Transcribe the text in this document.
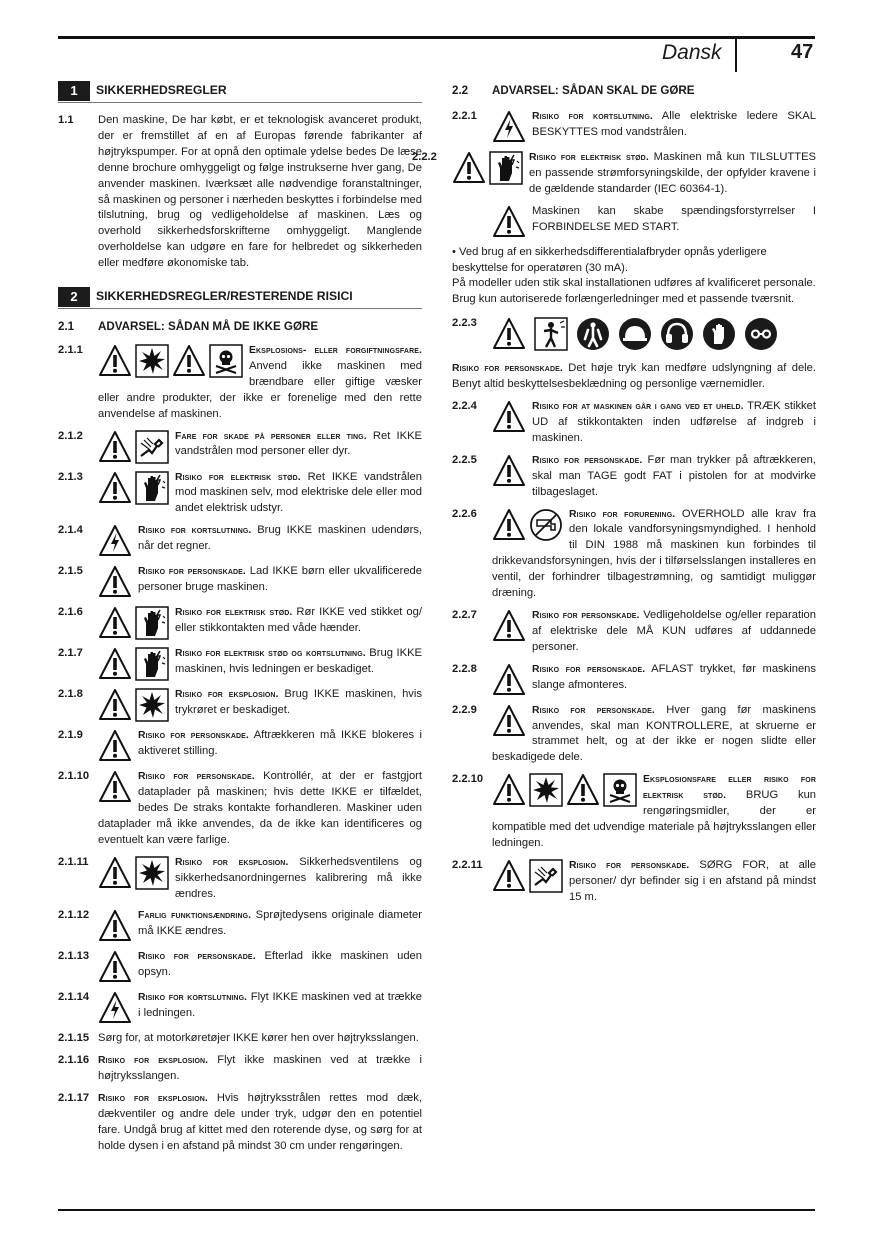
Dansk	47
1	SIKKERHEDSREGLER
1.1	Den maskine, De har købt, er et teknologisk avanceret produkt, der er fremstillet af en af Europas førende fabrikanter af højtrykspumper. For at opnå den optimale ydelse bedes De læse denne brochure omhyggeligt og følge instrukserne hver gang, De anvender maskinen. Iværksæt alle nødvendige foranstaltninger, så maskinen og personer i nærheden beskyttes i forbindelse med tilslutning, brug og vedligeholdelse af maskinen. Læs og overhold sikkerhedsforskrifterne omhyggeligt. Manglende overholdelse kan udgøre en fare for helbredet og sikkerheden eller medføre økonomiske tab.
2	SIKKERHEDSREGLER/RESTERENDE RISICI
2.1	ADVARSEL: SÅDAN MÅ DE IKKE GØRE
2.1.1	Eksplosions- eller forgiftningsfare. Anvend ikke maskinen med brændbare eller giftige væsker eller andre produkter, der ikke er forenelige med den rette anvendelse af maskinen.
2.1.2	Fare for skade på personer eller ting. Ret IKKE vandstrålen mod personer eller dyr.
2.1.3	Risiko for elektrisk stød. Ret IKKE vandstrålen mod maskinen selv, mod elektriske dele eller mod andet elektrisk udstyr.
2.1.4	Risiko for kortslutning. Brug IKKE maskinen udendørs, når det regner.
2.1.5	Risiko for personskade. Lad IKKE børn eller ukvalificerede personer bruge maskinen.
2.1.6	Risiko for elektrisk stød. Rør IKKE ved stikket og/ eller stikkontakten med våde hænder.
2.1.7	Risiko for elektrisk stød og kortslutning. Brug IKKE maskinen, hvis ledningen er beskadiget.
2.1.8	Risiko for eksplosion. Brug IKKE maskinen, hvis trykrøret er beskadiget.
2.1.9	Risiko for personskade. Aftrækkeren må IKKE blokeres i aktiveret stilling.
2.1.10	Risiko for personskade. Kontrollér, at der er fastgjort dataplader på maskinen; hvis dette IKKE er tilfældet, bedes De straks kontakte forhandleren. Maskiner uden dataplader må ikke anvendes, da de ikke kan identificeres og eventuelt kan være farlige.
2.1.11	Risiko for eksplosion. Sikkerhedsventilens og sikkerhedsanordningernes kalibrering må ikke ændres.
2.1.12	Farlig funktionsændring. Sprøjtedysens originale diameter må IKKE ændres.
2.1.13	Risiko for personskade. Efterlad ikke maskinen uden opsyn.
2.1.14	Risiko for kortslutning. Flyt IKKE maskinen ved at trække i ledningen.
2.1.15 Sørg for, at motorkøretøjer IKKE kører hen over højtryksslangen.
2.1.16 Risiko for eksplosion. Flyt ikke maskinen ved at trække i højtryksslangen.
2.1.17 Risiko for eksplosion. Hvis højtryksstrålen rettes mod dæk, dækventiler og andre dele under tryk, udgør den en potentiel fare. Undgå brug af kittet med den roterende dyse, og sørg for at holde dysen i en afstand på mindst 30 cm under rengøringen.
2.2	ADVARSEL: SÅDAN SKAL DE GØRE
2.2.1	Risiko for kortslutning. Alle elektriske ledere SKAL BESKYTTES mod vandstrålen.
2.2.2	Risiko for elektrisk stød. Maskinen må kun TILSLUTTES en passende strømforsyningskilde, der opfylder kravene i de gældende standarder (IEC 60364-1).
Maskinen kan skabe spændingsforstyrrelser I FORBINDELSE MED START.
• Ved brug af en sikkerhedsdifferentialafbryder opnås yderligere beskyttelse for operatøren (30 mA).
På modeller uden stik skal installationen udføres af kvalificeret personale.
Brug kun autoriserede forlængerledninger med et passende tværsnit.
2.2.3
Risiko for personskade. Det høje tryk kan medføre udslyngning af dele. Benyt altid beskyttelsesbeklædning og personlige værnemidler.
2.2.4	Risiko for at maskinen går i gang ved et uheld. TRÆK stikket UD af stikkontakten inden udførelse af indgreb i maskinen.
2.2.5	Risiko for personskade. Før man trykker på aftrækkeren, skal man TAGE godt FAT i pistolen for at modvirke tilbageslaget.
2.2.6	Risiko for forurening. OVERHOLD alle krav fra den lokale vandforsyningsmyndighed. I henhold til DIN 1988 må maskinen kun forbindes til drikkevandsforsyningen, hvis der i tilførselsslangen installeres en ventil, der forhindrer tilbagestrømning, og samtidigt muliggør dræning.
2.2.7	Risiko for personskade. Vedligeholdelse og/eller reparation af elektriske dele MÅ KUN udføres af uddannede personer.
2.2.8	Risiko for personskade. AFLAST trykket, før maskinens slange afmonteres.
2.2.9	Risiko for personskade. Hver gang før maskinens anvendes, skal man KONTROLLERE, at skruerne er strammet helt, og at der ikke er nogen slidte eller beskadigede dele.
2.2.10	Eksplosionsfare eller risiko for elektrisk stød. BRUG kun rengøringsmidler, der er kompatible med det udvendige materiale på højtryksslangen eller ledningen.
2.2.11	Risiko for personskade. SØRG FOR, at alle personer/ dyr befinder sig i en afstand på mindst 15 m.
